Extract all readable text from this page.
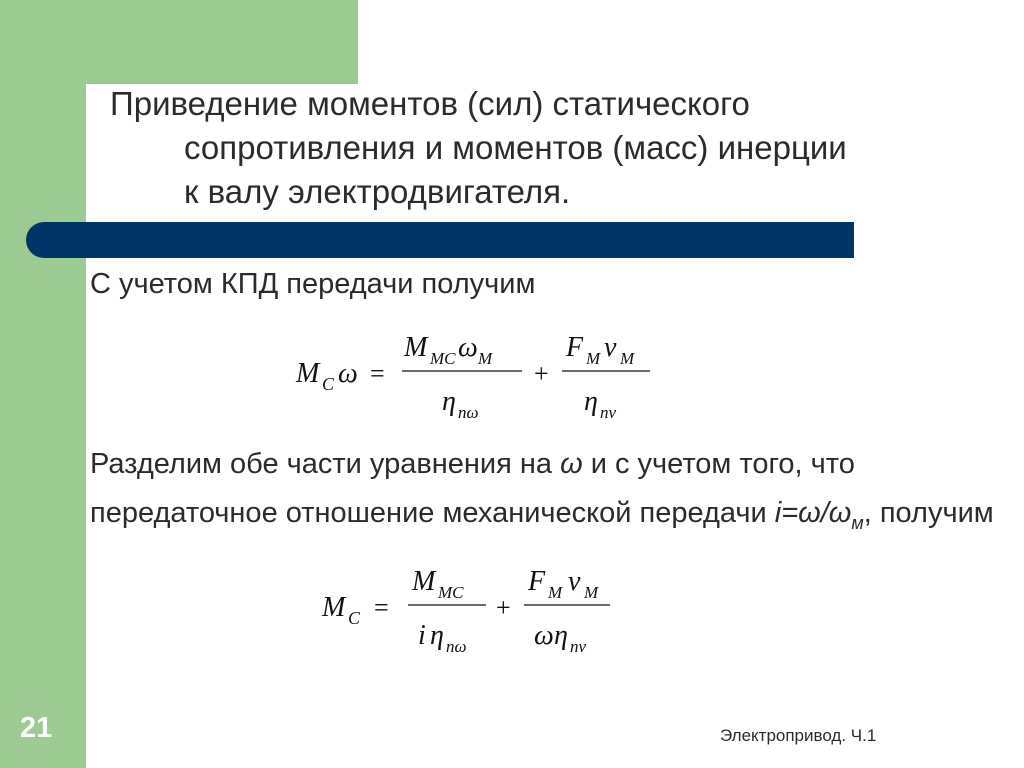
Приведение моментов (сил) статического
сопротивления и моментов (масс) инерции
к валу электродвигателя.
С учетом КПД передачи получим
M C ω =
M MC ω M
η nω
+
F M v M
η nv
Разделим обе части уравнения на ω и с учетом того, что передаточное отношение механической передачи $i=\omega/\omega_м$, получим
M C =
M MC
i η nω
+
F M v M
ω η nv
21	Электропривод. Ч.1
